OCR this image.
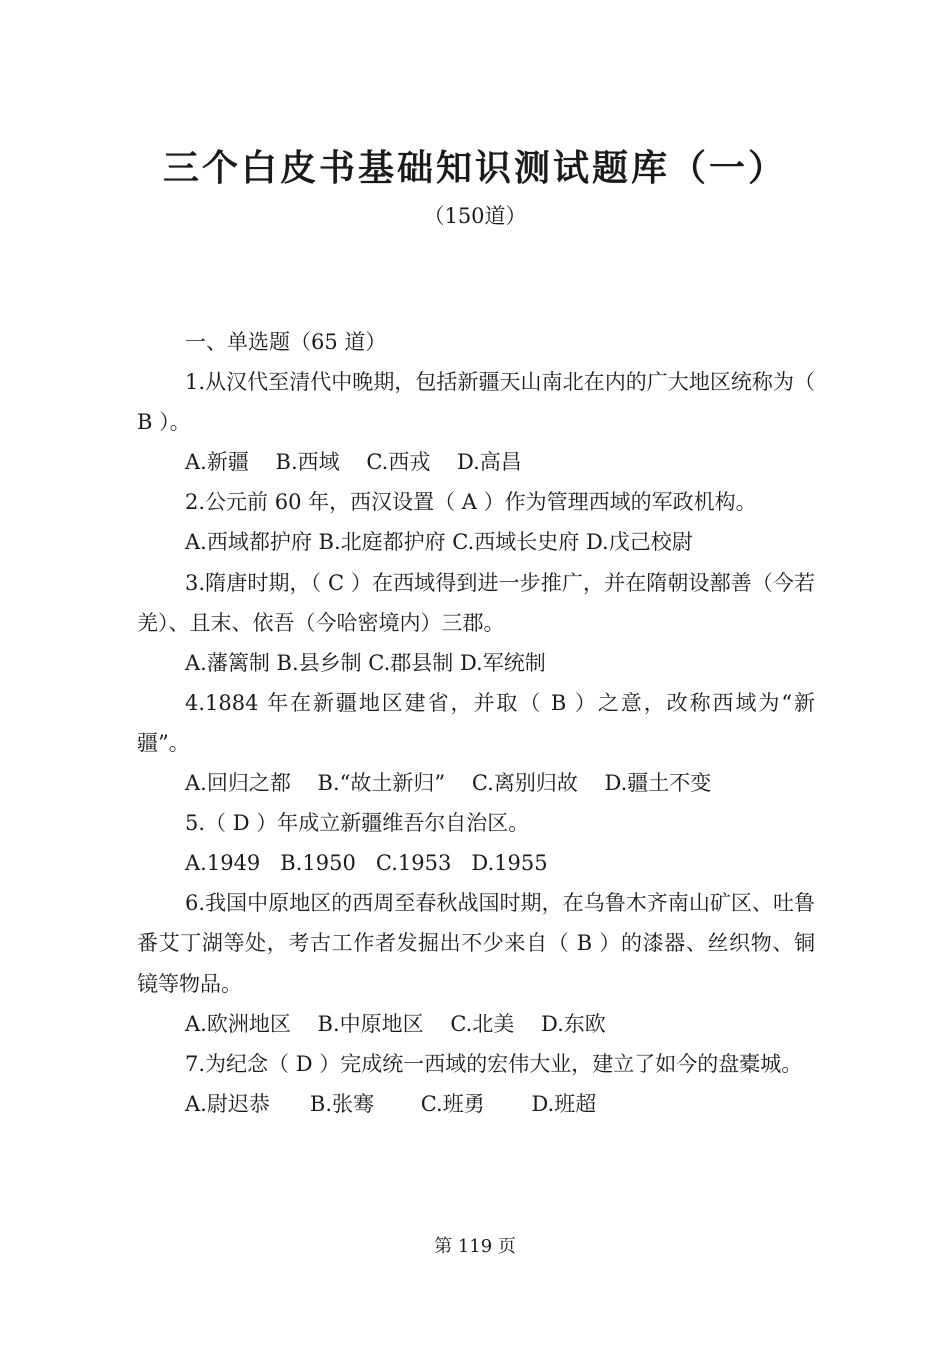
三个白皮书基础知识测试题库（一）
（150道）

一、单选题（65 道）

1.从汉代至清代中晚期，包括新疆天山南北在内的广大地区统称为（ B ）。

A.新疆    B.西域    C.西戎    D.高昌

2.公元前 60 年，西汉设置（ A ）作为管理西域的军政机构。

A.西域都护府 B.北庭都护府 C.西域长史府 D.戊己校尉

3.隋唐时期，（ C ）在西域得到进一步推广，并在隋朝设鄯善（今若羌）、且末、依吾（今哈密境内）三郡。

A.藩篱制 B.县乡制 C.郡县制 D.军统制

4.1884 年在新疆地区建省，并取（ B ）之意，改称西域为“新疆”。

A.回归之都    B.“故土新归”    C.离别归故    D.疆土不变

5.（ D ）年成立新疆维吾尔自治区。

A.1949   B.1950   C.1953   D.1955

6.我国中原地区的西周至春秋战国时期，在乌鲁木齐南山矿区、吐鲁番艾丁湖等处，考古工作者发掘出不少来自（ B ）的漆器、丝织物、铜镜等物品。

A.欧洲地区    B.中原地区    C.北美    D.东欧

7.为纪念（ D ）完成统一西域的宏伟大业，建立了如今的盘橐城。

A.尉迟恭      B.张骞       C.班勇       D.班超

第 119 页
